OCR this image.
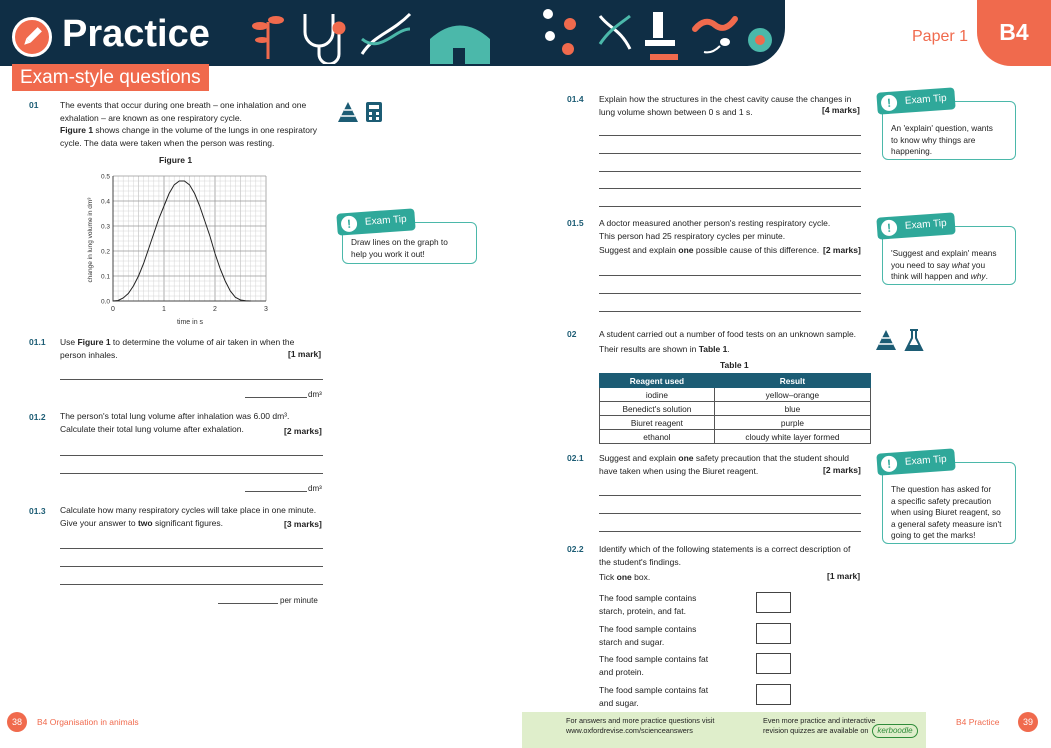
Practice
Exam-style questions
Paper 1	B4
01	The events that occur during one breath – one inhalation and one
exhalation – are known as one respiratory cycle.
Figure 1 shows change in the volume of the lungs in one respiratory
cycle. The data were taken when the person was resting.
Figure 1
0	1	2	3
0.0
0.1
0.2
0.3
0.4
0.5
time in s
change in lung volume in dm³
01.1 Use Figure 1 to determine the volume of air taken in when the
person inhales.	[1 mark]
dm³
01.2 The person's total lung volume after inhalation was 6.00 dm³.
Calculate their total lung volume after exhalation.	[2 marks]
dm³
01.3 Calculate how many respiratory cycles will take place in one minute.
Give your answer to two significant figures.	[3 marks]
per minute
!	Exam Tip
Draw lines on the graph to
help you work it out!
01.4 Explain how the structures in the chest cavity cause the changes in
lung volume shown between 0 s and 1 s.	[4 marks]
!	Exam Tip
An 'explain' question, wants
to know why things are
happening.
01.5 A doctor measured another person's resting respiratory cycle.
This person had 25 respiratory cycles per minute.
Suggest and explain one possible cause of this difference. [2 marks]
!	Exam Tip
'Suggest and explain' means
you need to say what you
think will happen and why.
02	A student carried out a number of food tests on an unknown sample.
Their results are shown in Table 1.
Table 1
Reagent used	Result
iodine	yellow–orange
Benedict's solution	blue
Biuret reagent	purple
ethanol	cloudy white layer formed
02.1 Suggest and explain one safety precaution that the student should
have taken when using the Biuret reagent.	[2 marks]	!	Exam Tip
The question has asked for
a specific safety precaution
when using Biuret reagent, so
a general safety measure isn't
going to get the marks!
02.2 Identify which of the following statements is a correct description of
the student's findings.
Tick one box.	[1 mark]
The food sample contains
starch, protein, and fat.
The food sample contains
starch and sugar.
The food sample contains fat
and protein.
The food sample contains fat
and sugar.
38	B4 Organisation in animals	For answers and more practice questions visit
www.oxfordrevise.com/scienceanswers
Even more practice and interactive
revision quizzes are available on	kerboodle
B4 Practice	39
